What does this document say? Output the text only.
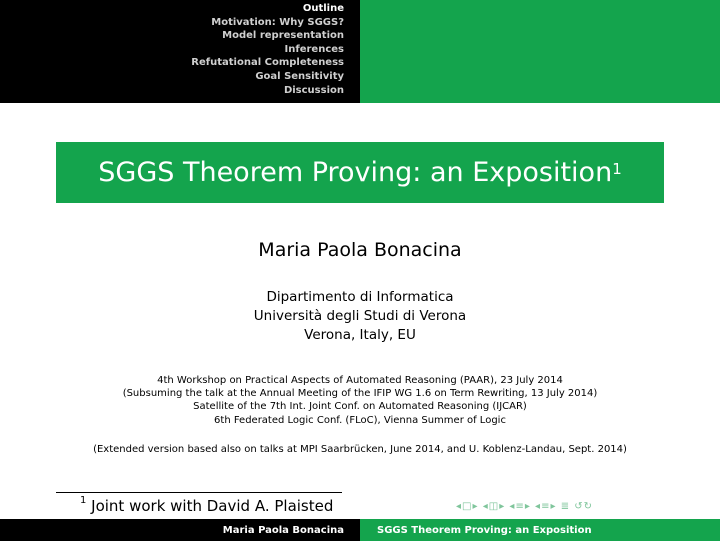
Outline
Motivation: Why SGGS?
Model representation
Inferences
Refutational Completeness
Goal Sensitivity
Discussion
SGGS Theorem Proving: an Exposition$^1$
Maria Paola Bonacina
Dipartimento di Informatica
Università degli Studi di Verona
Verona, Italy, EU
4th Workshop on Practical Aspects of Automated Reasoning (PAAR), 23 July 2014
(Subsuming the talk at the Annual Meeting of the IFIP WG 1.6 on Term Rewriting, 13 July 2014)
Satellite of the 7th Int. Joint Conf. on Automated Reasoning (IJCAR)
6th Federated Logic Conf. (FLoC), Vienna Summer of Logic
(Extended version based also on talks at MPI Saarbrücken, June 2014, and U. Koblenz-Landau, Sept. 2014)
$^1$ Joint work with David A. Plaisted	◂□▸ ◂◫▸ ◂≡▸ ◂≡▸ ≣ ↺↻
Maria Paola Bonacina	SGGS Theorem Proving: an Exposition
